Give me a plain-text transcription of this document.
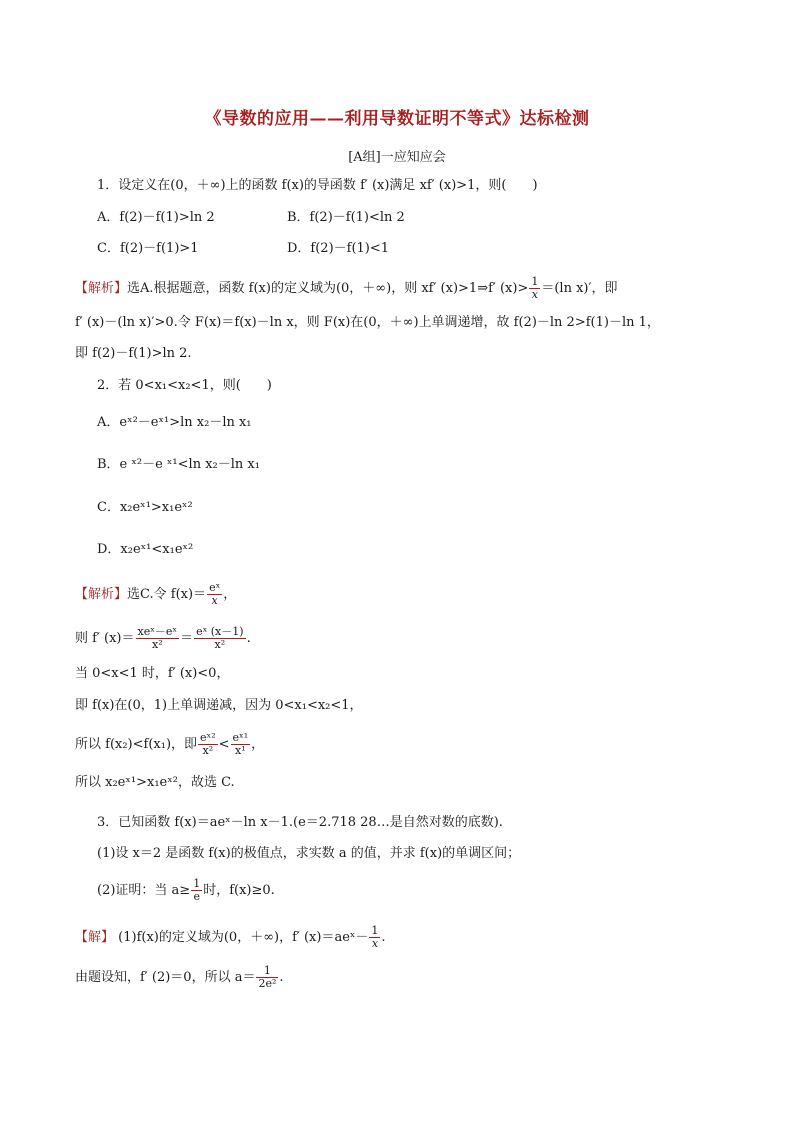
《导数的应用——利用导数证明不等式》达标检测
[A组]一应知应会
1．设定义在(0，＋∞)上的函数 f(x)的导函数 f′ (x)满足 xf′ (x)>1，则(　　)
A．f(2)－f(1)>ln 2	B．f(2)－f(1)<ln 2
C．f(2)－f(1)>1	D．f(2)－f(1)<1
【解析】选A.根据题意，函数 f(x)的定义域为(0，＋∞)，则 xf′ (x)>1⇒f′ $(x)> \frac{1}{x} =(\ln$ x)′，即
f′ (x)－(ln x)′>0.令 F(x)＝f(x)－ln x，则 F(x)在(0，＋∞)上单调递增，故 f(2)－ln 2>f(1)－ln 1，
即 f(2)－f(1)>ln 2.
2．若 0<x₁<x₂<1，则(　　)
A．eˣ²－eˣ¹>ln x₂－ln x₁
B．e ˣ²－e ˣ¹<ln x₂－ln x₁
C．x₂eˣ¹>x₁eˣ²
D．x₂eˣ¹<x₁eˣ²
【解析】选C.令 $f(x)= \frac{\text{eˣ}}{x}$ ，
则 f′ $(x)= \frac{\text{xeˣ－eˣ}}{\text{x²}} = \frac{\text{eˣ (x－1)}}{\text{x²}}$ .
当 0<x<1 时，f′ (x)<0，
即 f(x)在(0，1)上单调递减，因为 0<x₁<x₂<1，
所以 f(x₂)<f(x₁)，即 $\frac{\text{eˣ²}}{\text{x²}} < \frac{\text{eˣ¹}}{\text{x¹}}$ ，
所以 x₂eˣ¹>x₁eˣ²，故选 C.
3．已知函数 f(x)＝aeˣ－ln x－1.(e＝2.718 28…是自然对数的底数).
(1)设 x＝2 是函数 f(x)的极值点，求实数 a 的值，并求 f(x)的单调区间；
(2)证明：当 $a\ge \frac{1}{e}$ 时，f(x)≥0.
【解】 (1)f(x)的定义域为(0，＋∞)，f′ (x)＝aeˣ－ $\frac{1}{x}$ .
由题设知，f′ (2)＝0，所以 $a= \frac{1}{\text{2e²}}$ .
